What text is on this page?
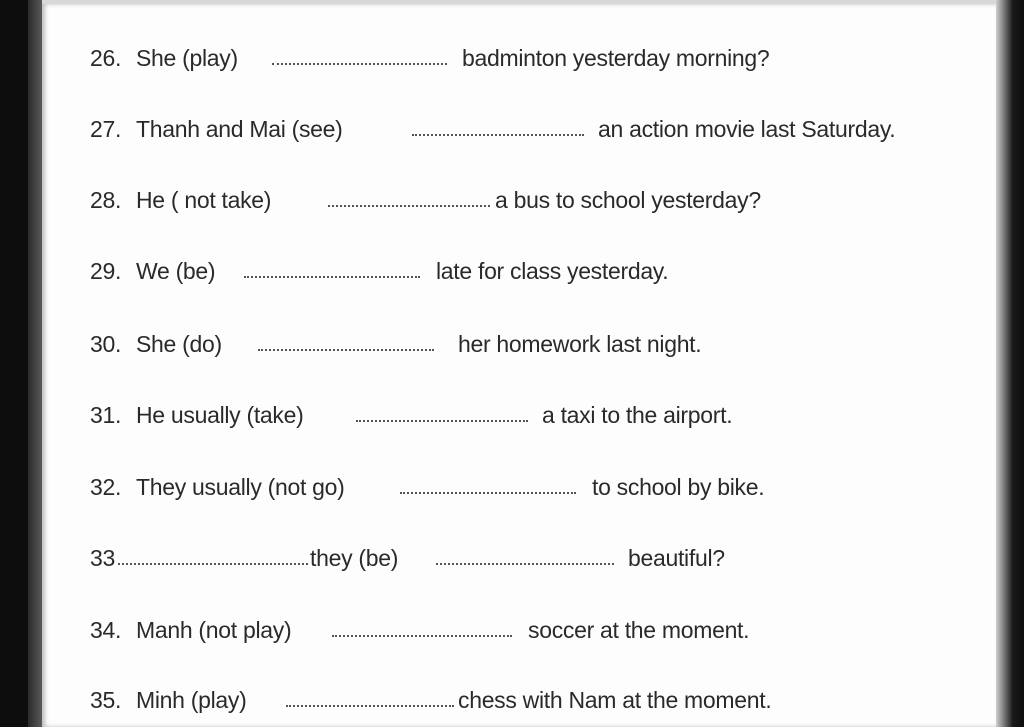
26. She (play)	badminton yesterday morning?
27. Thanh and Mai (see)	an action movie last Saturday.
28. He ( not take)	a bus to school yesterday?
29. We (be)	late for class yesterday.
30. She (do)	her homework last night.
31. He usually (take)	a taxi to the airport.
32. They usually (not go)	to school by bike.
33	they (be)	beautiful?
34. Manh (not play)	soccer at the moment.
35. Minh (play)	chess with Nam at the moment.
